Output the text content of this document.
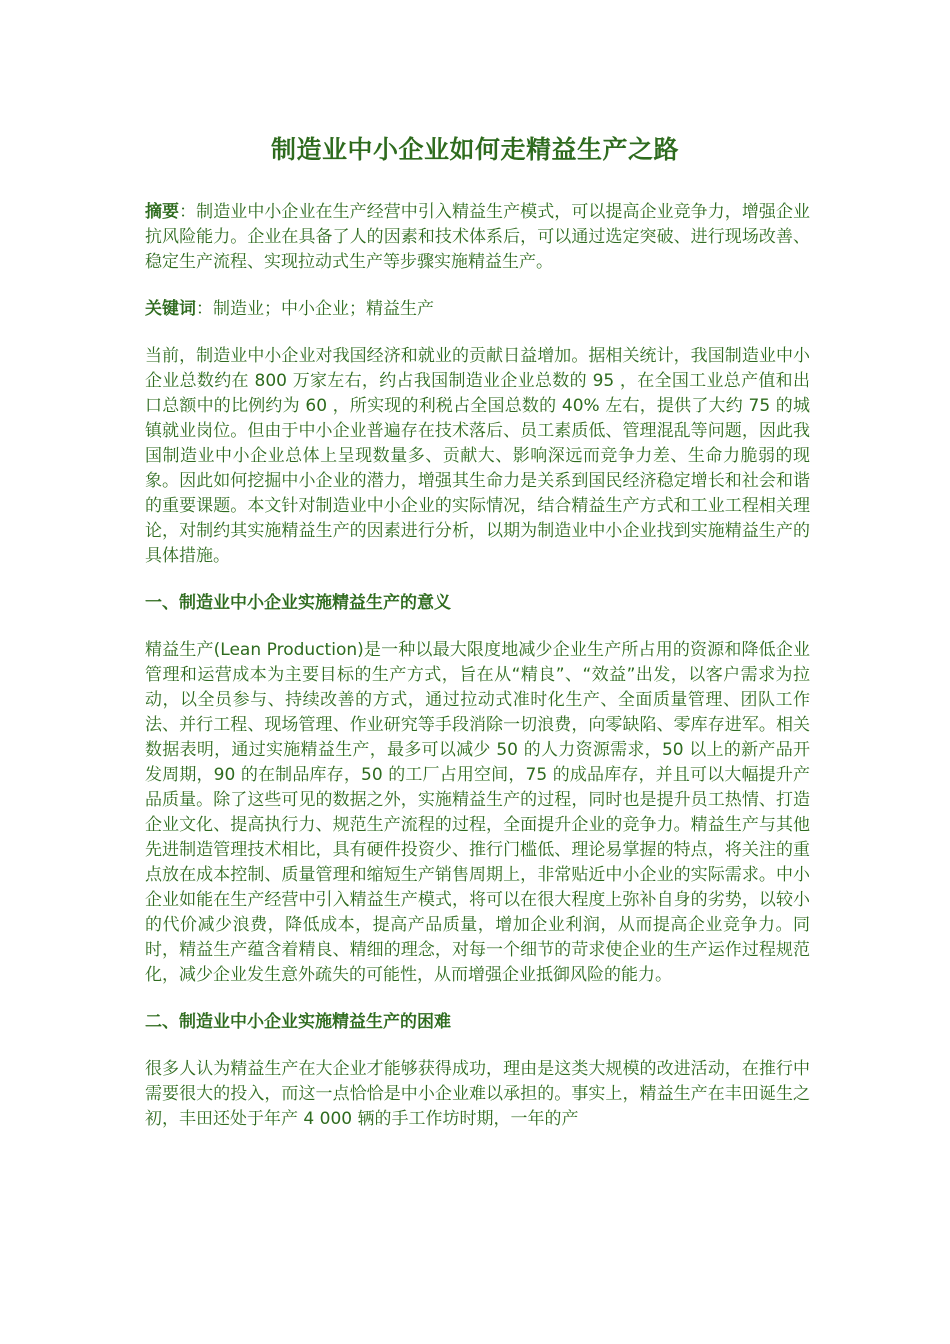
制造业中小企业如何走精益生产之路

摘要：制造业中小企业在生产经营中引入精益生产模式，可以提高企业竞争力，增强企业抗风险能力。企业在具备了人的因素和技术体系后，可以通过选定突破、进行现场改善、稳定生产流程、实现拉动式生产等步骤实施精益生产。

关键词：制造业；中小企业；精益生产

当前，制造业中小企业对我国经济和就业的贡献日益增加。据相关统计，我国制造业中小企业总数约在 800 万家左右，约占我国制造业企业总数的 95 ，在全国工业总产值和出口总额中的比例约为 60 ，所实现的利税占全国总数的 40% 左右，提供了大约 75 的城镇就业岗位。但由于中小企业普遍存在技术落后、员工素质低、管理混乱等问题，因此我国制造业中小企业总体上呈现数量多、贡献大、影响深远而竞争力差、生命力脆弱的现象。因此如何挖掘中小企业的潜力，增强其生命力是关系到国民经济稳定增长和社会和谐的重要课题。本文针对制造业中小企业的实际情况，结合精益生产方式和工业工程相关理论，对制约其实施精益生产的因素进行分析，以期为制造业中小企业找到实施精益生产的具体措施。

一、制造业中小企业实施精益生产的意义

精益生产(Lean Production)是一种以最大限度地减少企业生产所占用的资源和降低企业管理和运营成本为主要目标的生产方式，旨在从“精良”、“效益”出发，以客户需求为拉动，以全员参与、持续改善的方式，通过拉动式准时化生产、全面质量管理、团队工作法、并行工程、现场管理、作业研究等手段消除一切浪费，向零缺陷、零库存进军。相关数据表明，通过实施精益生产，最多可以减少 50 的人力资源需求，50 以上的新产品开发周期，90 的在制品库存，50 的工厂占用空间，75 的成品库存，并且可以大幅提升产品质量。除了这些可见的数据之外，实施精益生产的过程，同时也是提升员工热情、打造企业文化、提高执行力、规范生产流程的过程，全面提升企业的竞争力。精益生产与其他先进制造管理技术相比，具有硬件投资少、推行门槛低、理论易掌握的特点，将关注的重点放在成本控制、质量管理和缩短生产销售周期上，非常贴近中小企业的实际需求。中小企业如能在生产经营中引入精益生产模式，将可以在很大程度上弥补自身的劣势，以较小的代价减少浪费，降低成本，提高产品质量，增加企业利润，从而提高企业竞争力。同时，精益生产蕴含着精良、精细的理念，对每一个细节的苛求使企业的生产运作过程规范化，减少企业发生意外疏失的可能性，从而增强企业抵御风险的能力。

二、制造业中小企业实施精益生产的困难

很多人认为精益生产在大企业才能够获得成功，理由是这类大规模的改进活动，在推行中需要很大的投入，而这一点恰恰是中小企业难以承担的。事实上，精益生产在丰田诞生之初，丰田还处于年产 4 000 辆的手工作坊时期，一年的产
